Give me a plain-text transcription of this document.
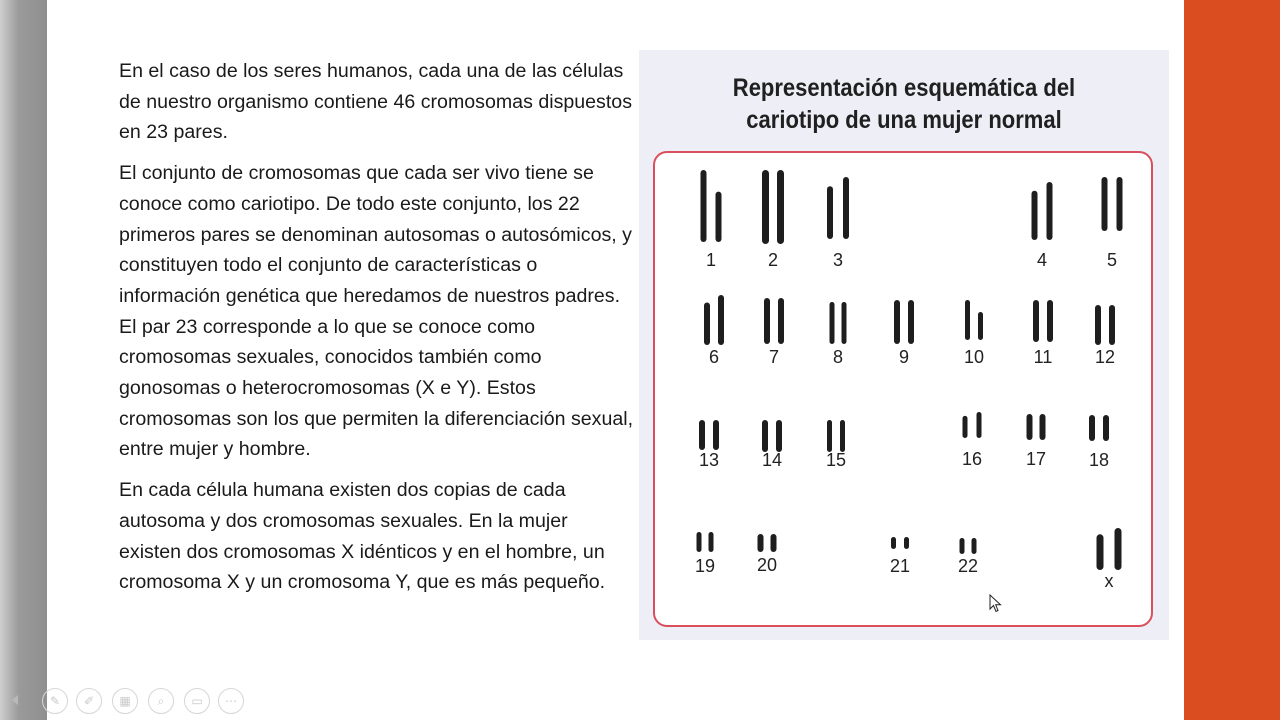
En el caso de los seres humanos, cada una de las células de nuestro organismo contiene 46 cromosomas dispuestos en 23 pares.

El conjunto de cromosomas que cada ser vivo tiene se conoce como cariotipo. De todo este conjunto, los 22 primeros pares se denominan autosomas o autosómicos, y constituyen todo el conjunto de características o información genética que heredamos de nuestros padres. El par 23 corresponde a lo que se conoce como cromosomas sexuales, conocidos también como gonosomas o heterocromosomas (X e Y). Estos cromosomas son los que permiten la diferenciación sexual, entre mujer y hombre.

En cada célula humana existen dos copias de cada autosoma y dos cromosomas sexuales. En la mujer existen dos cromosomas X idénticos y en el hombre, un cromosoma X y un cromosoma Y, que es más pequeño.

Representación esquemática del
cariotipo de una mujer normal
1	2	3	4	5
6	7	8	9	10	11 12
13 14 15	16 17 18
19 20	21	22
x
✎	✐	▦	⌕	▭	⋯
